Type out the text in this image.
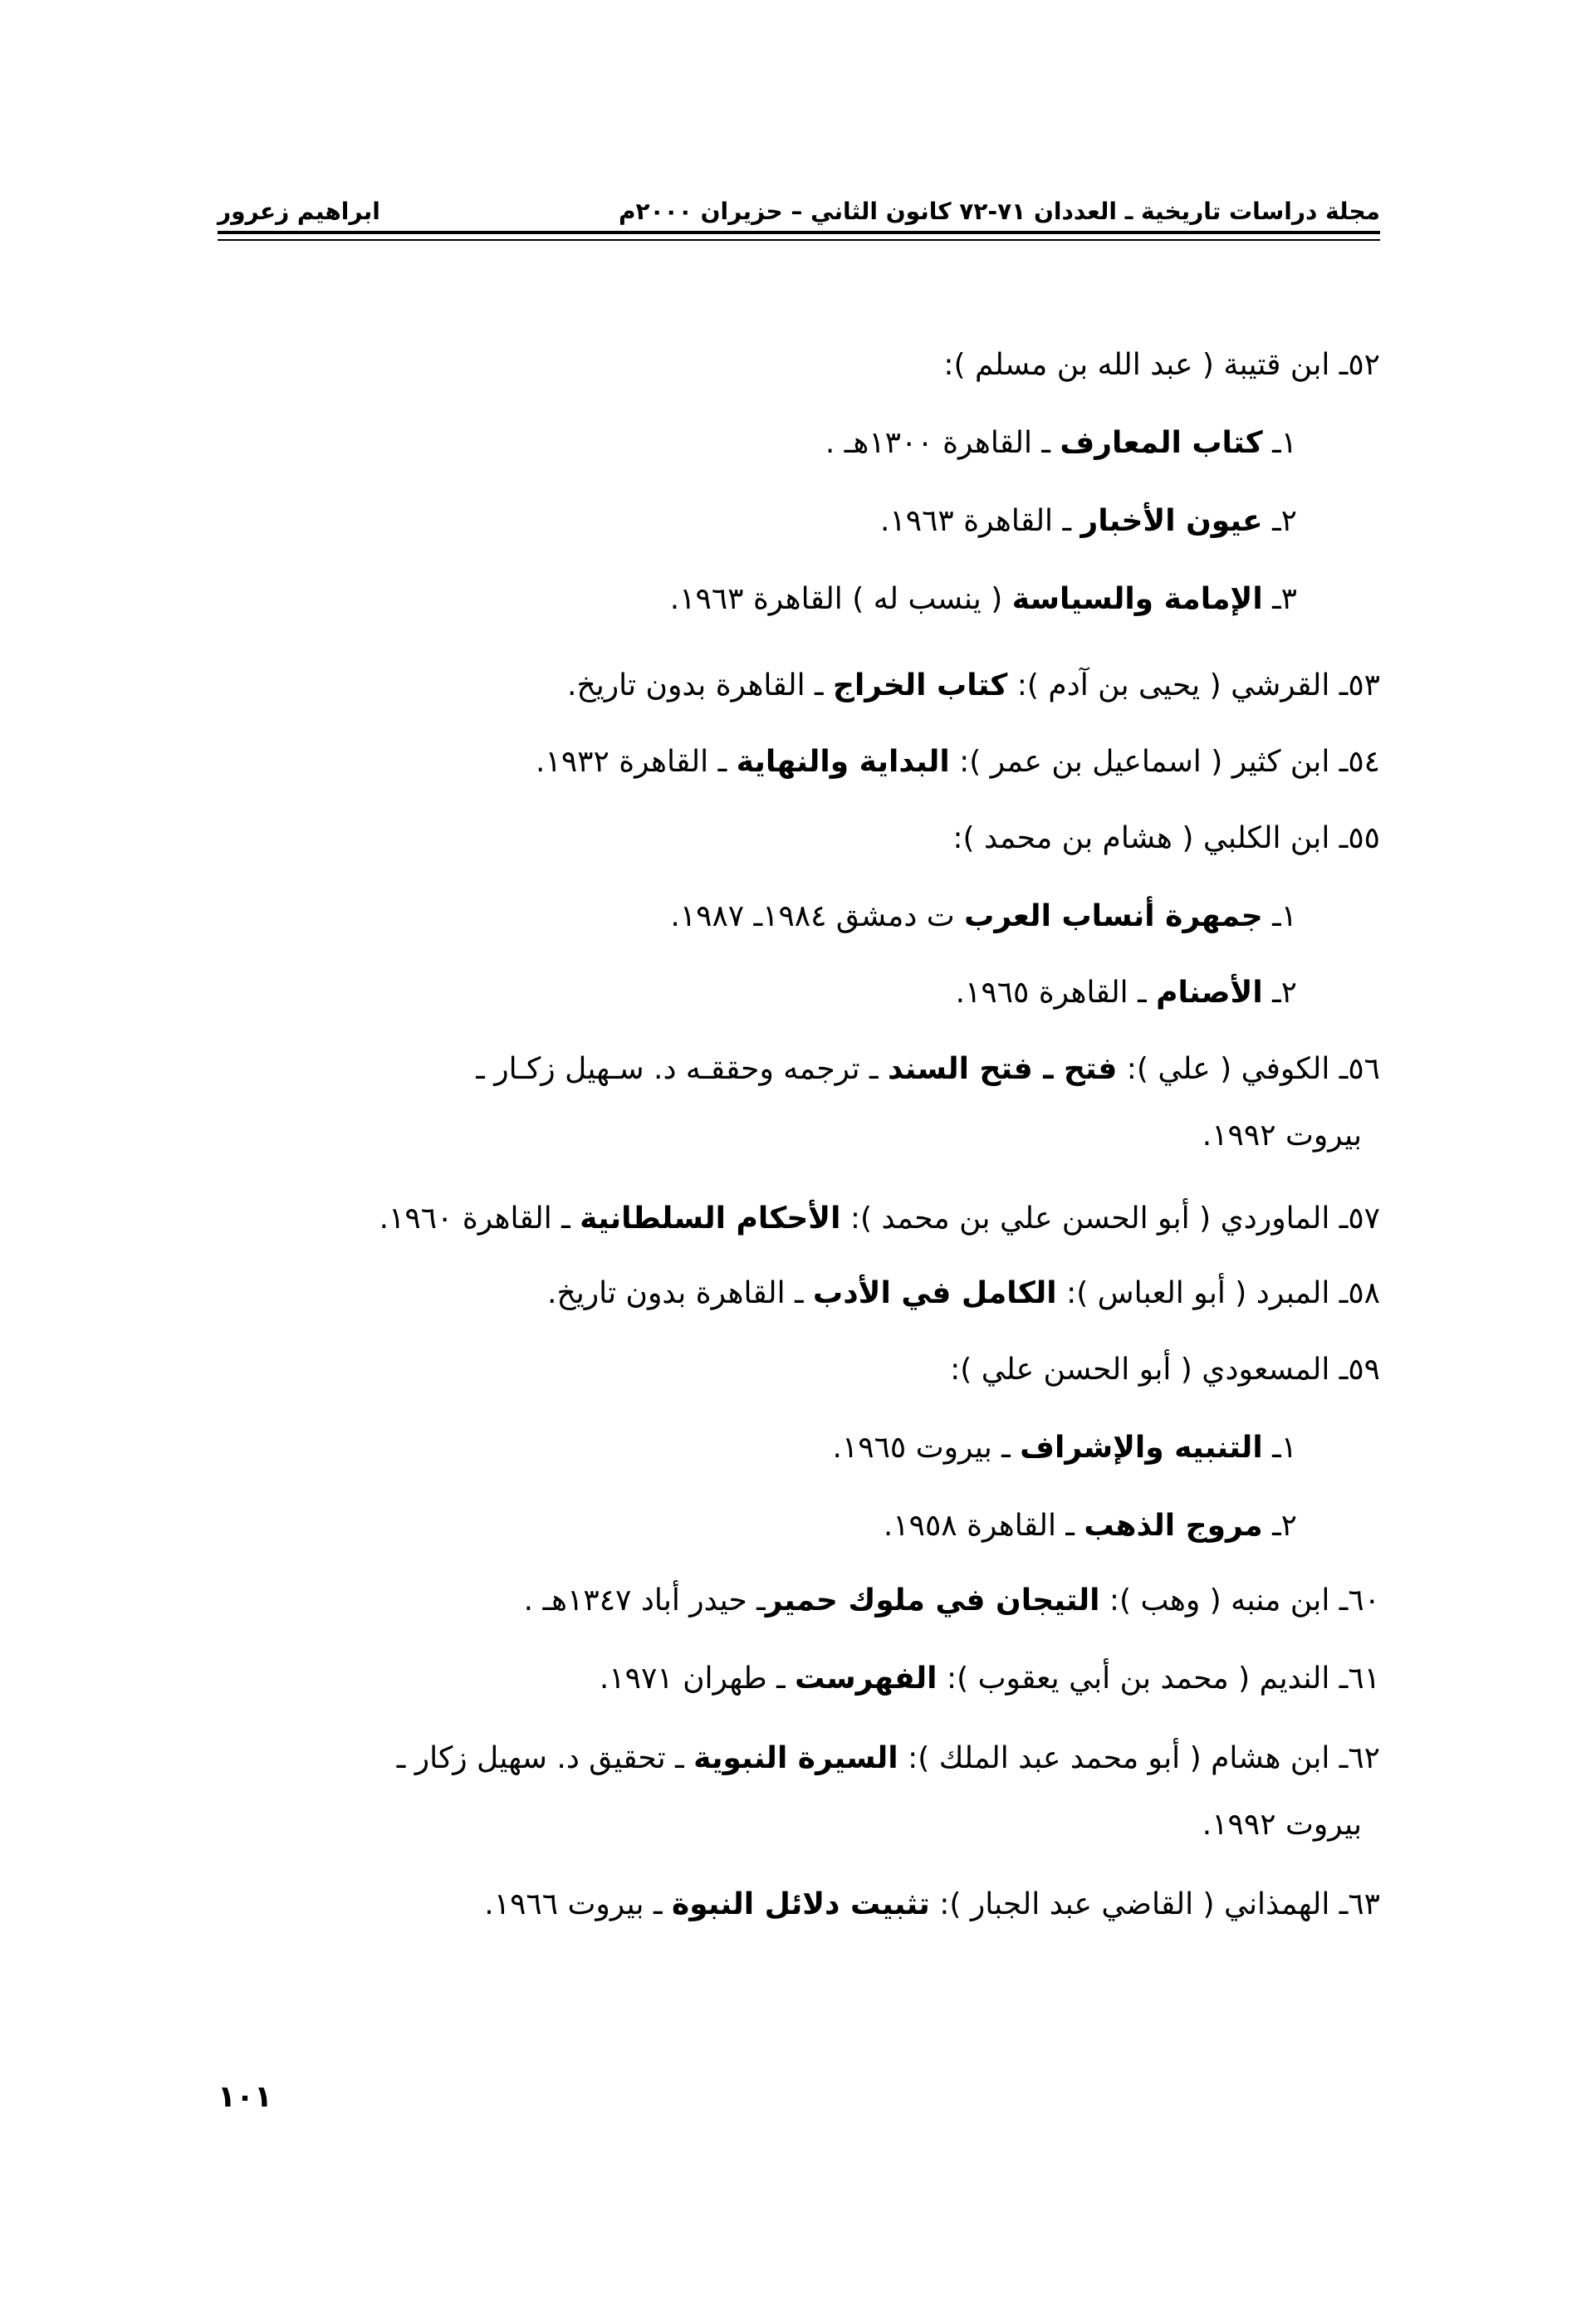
مجلة دراسات تاريخية ـ العددان ٧١-٧٢ كانون الثاني – حزيران ٢٠٠٠م
ابراهيم زعرور
٥٢ـ ابن قتيبة ( عبد الله بن مسلم ):
١ـ كتاب المعارف ـ القاهرة ١٣٠٠هـ .
٢ـ عيون الأخبار ـ القاهرة ١٩٦٣.
٣ـ الإمامة والسياسة ( ينسب له ) القاهرة ١٩٦٣.
٥٣ـ القرشي ( يحيى بن آدم ): كتاب الخراج ـ القاهرة بدون تاريخ.
٥٤ـ ابن كثير ( اسماعيل بن عمر ): البداية والنهاية ـ القاهرة ١٩٣٢.
٥٥ـ ابن الكلبي ( هشام بن محمد ):
١ـ جمهرة أنساب العرب ت دمشق ١٩٨٤ـ ١٩٨٧.
٢ـ الأصنام ـ القاهرة ١٩٦٥.
٥٦ـ الكوفي ( علي ): فتح ـ فتح السند ـ ترجمه وحققـه د. سـهيل زكـار ـ
بيروت ١٩٩٢.
٥٧ـ الماوردي ( أبو الحسن علي بن محمد ): الأحكام السلطانية ـ القاهرة ١٩٦٠.
٥٨ـ المبرد ( أبو العباس ): الكامل في الأدب ـ القاهرة بدون تاريخ.
٥٩ـ المسعودي ( أبو الحسن علي ):
١ـ التنبيه والإشراف ـ بيروت ١٩٦٥.
٢ـ مروج الذهب ـ القاهرة ١٩٥٨.
٦٠ـ ابن منبه ( وهب ): التيجان في ملوك حميرـ حيدر أباد ١٣٤٧هـ .
٦١ـ النديم ( محمد بن أبي يعقوب ): الفهرست ـ طهران ١٩٧١.
٦٢ـ ابن هشام ( أبو محمد عبد الملك ): السيرة النبوية ـ تحقيق د. سهيل زكار ـ
بيروت ١٩٩٢.
٦٣ـ الهمذاني ( القاضي عبد الجبار ): تثبيت دلائل النبوة ـ بيروت ١٩٦٦.
١٠١
